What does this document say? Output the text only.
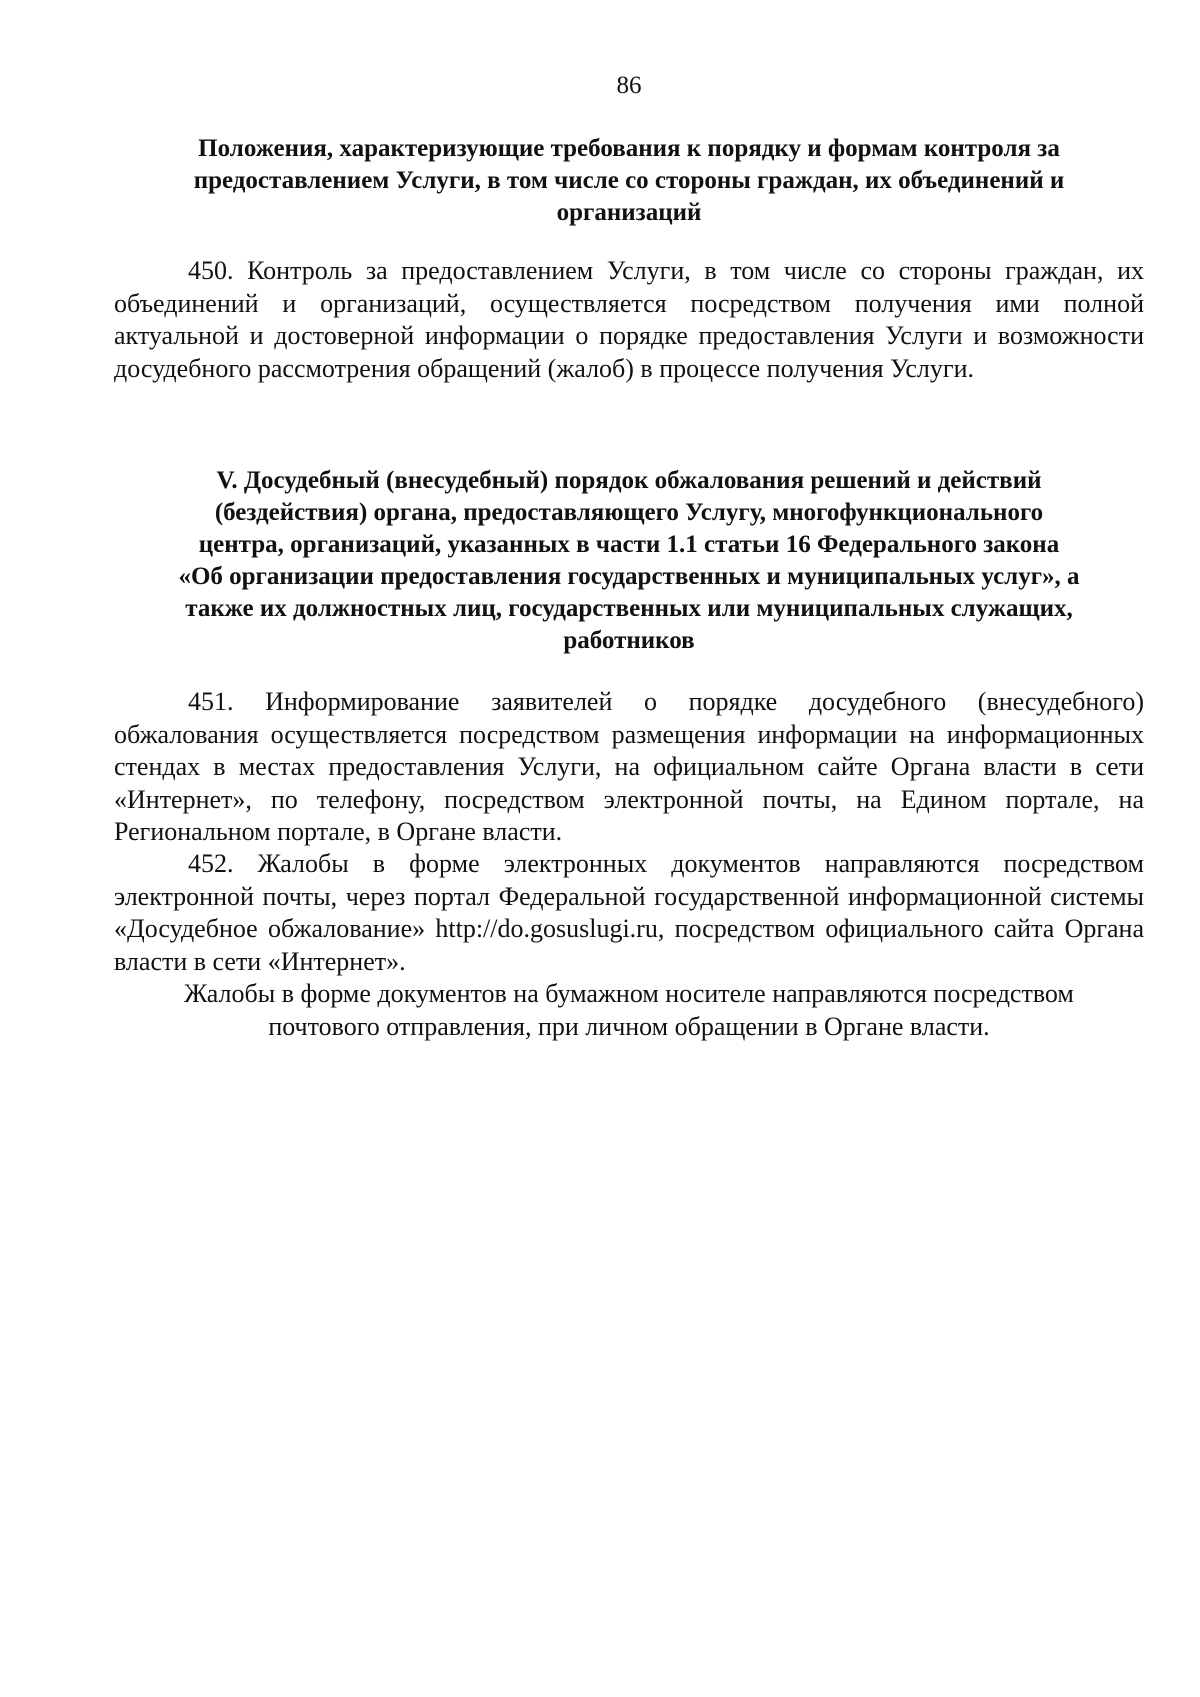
86
Положения, характеризующие требования к порядку и формам контроля за
предоставлением Услуги, в том числе со стороны граждан, их объединений и
организаций

450. Контроль за предоставлением Услуги, в том числе со стороны граждан, их объединений и организаций, осуществляется посредством получения ими полной актуальной и достоверной информации о порядке предоставления Услуги и возможности досудебного рассмотрения обращений (жалоб) в процессе получения Услуги.

V. Досудебный (внесудебный) порядок обжалования решений и действий
(бездействия) органа, предоставляющего Услугу, многофункционального
центра, организаций, указанных в части 1.1 статьи 16 Федерального закона
«Об организации предоставления государственных и муниципальных услуг», а
также их должностных лиц, государственных или муниципальных служащих,
работников

451. Информирование заявителей о порядке досудебного (внесудебного) обжалования осуществляется посредством размещения информации на информационных стендах в местах предоставления Услуги, на официальном сайте Органа власти в сети «Интернет», по телефону, посредством электронной почты, на Едином портале, на Региональном портале, в Органе власти.

452. Жалобы в форме электронных документов направляются посредством электронной почты, через портал Федеральной государственной информационной системы «Досудебное обжалование» http://do.gosuslugi.ru, посредством официального сайта Органа власти в сети «Интернет».

Жалобы в форме документов на бумажном носителе направляются посредством
почтового отправления, при личном обращении в Органе власти.
